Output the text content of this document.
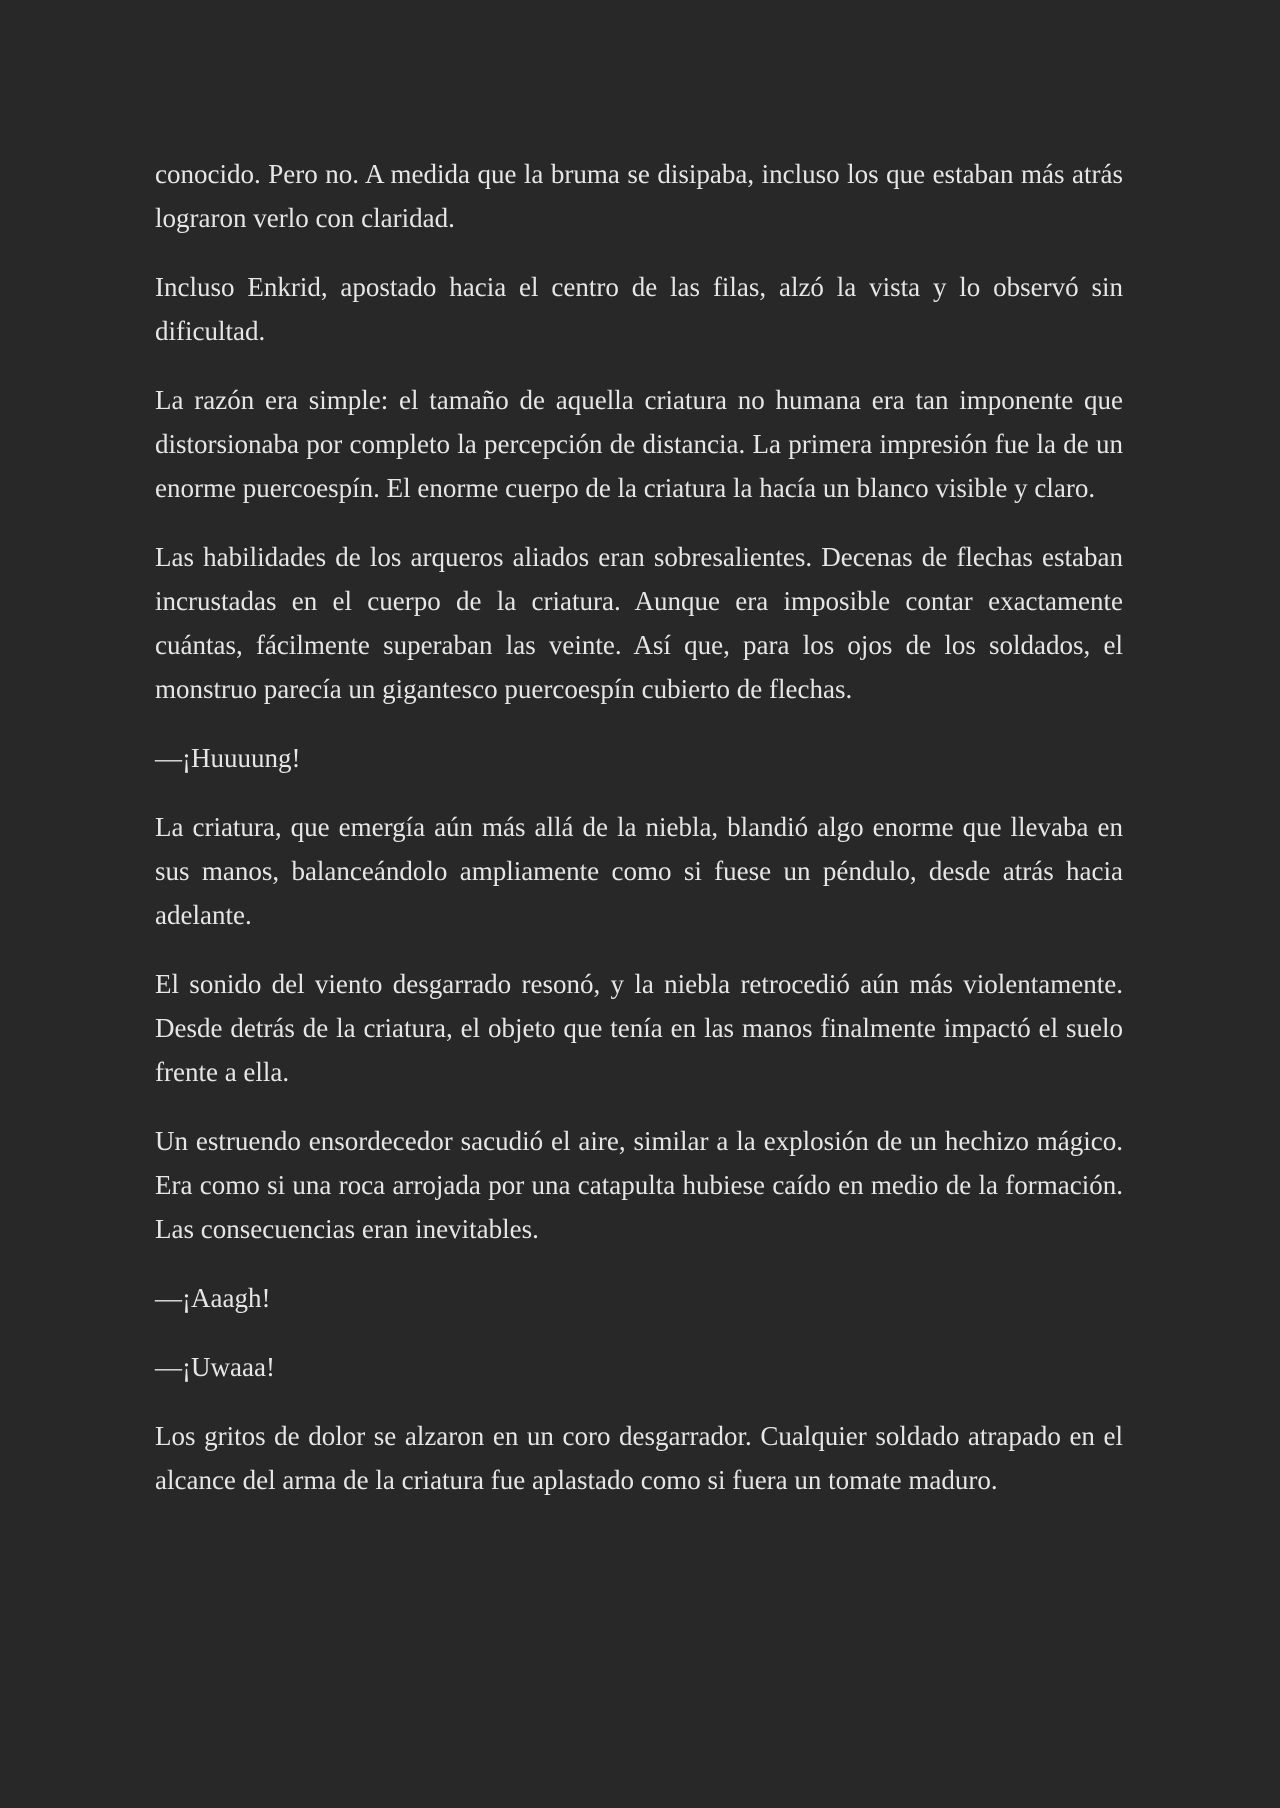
conocido. Pero no. A medida que la bruma se disipaba, incluso los que estaban más atrás lograron verlo con claridad.

Incluso Enkrid, apostado hacia el centro de las filas, alzó la vista y lo observó sin dificultad.

La razón era simple: el tamaño de aquella criatura no humana era tan imponente que distorsionaba por completo la percepción de distancia. La primera impresión fue la de un enorme puercoespín. El enorme cuerpo de la criatura la hacía un blanco visible y claro.

Las habilidades de los arqueros aliados eran sobresalientes. Decenas de flechas estaban incrustadas en el cuerpo de la criatura. Aunque era imposible contar exactamente cuántas, fácilmente superaban las veinte. Así que, para los ojos de los soldados, el monstruo parecía un gigantesco puercoespín cubierto de flechas.

—¡Huuuung!

La criatura, que emergía aún más allá de la niebla, blandió algo enorme que llevaba en sus manos, balanceándolo ampliamente como si fuese un péndulo, desde atrás hacia adelante.

El sonido del viento desgarrado resonó, y la niebla retrocedió aún más violentamente. Desde detrás de la criatura, el objeto que tenía en las manos finalmente impactó el suelo frente a ella.

Un estruendo ensordecedor sacudió el aire, similar a la explosión de un hechizo mágico. Era como si una roca arrojada por una catapulta hubiese caído en medio de la formación. Las consecuencias eran inevitables.

—¡Aaagh!

—¡Uwaaa!

Los gritos de dolor se alzaron en un coro desgarrador. Cualquier soldado atrapado en el alcance del arma de la criatura fue aplastado como si fuera un tomate maduro.
